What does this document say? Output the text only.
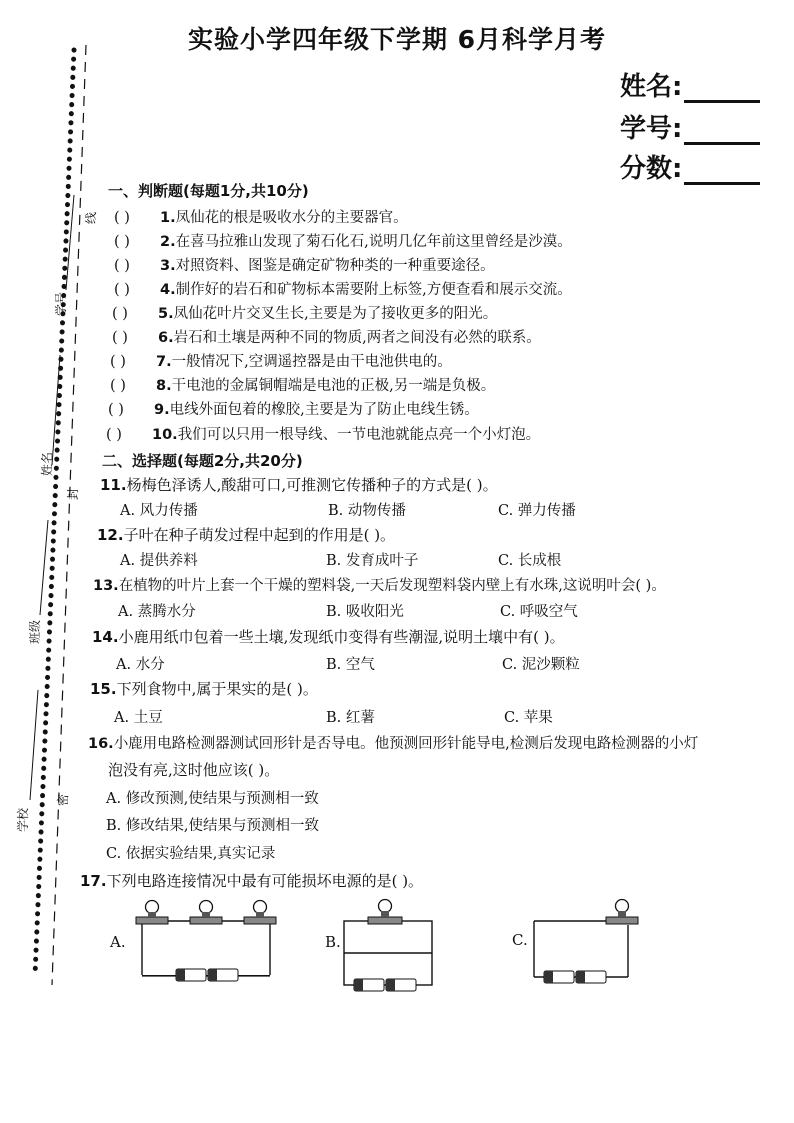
实验小学四年级下学期 6月科学月考
姓名:
学号:
分数:
学号
线
姓名
封
班级
密
学校
一、判断题(每题1分,共10分)
( ) 1.凤仙花的根是吸收水分的主要器官。
( ) 2.在喜马拉雅山发现了菊石化石,说明几亿年前这里曾经是沙漠。
( ) 3.对照资料、图鉴是确定矿物种类的一种重要途径。
( ) 4.制作好的岩石和矿物标本需要附上标签,方便查看和展示交流。
( ) 5.凤仙花叶片交叉生长,主要是为了接收更多的阳光。
( ) 6.岩石和土壤是两种不同的物质,两者之间没有必然的联系。
( ) 7.一般情况下,空调遥控器是由干电池供电的。
( ) 8.干电池的金属铜帽端是电池的正极,另一端是负极。
( ) 9.电线外面包着的橡胶,主要是为了防止电线生锈。
( ) 10.我们可以只用一根导线、一节电池就能点亮一个小灯泡。
二、选择题(每题2分,共20分)
11.杨梅色泽诱人,酸甜可口,可推测它传播种子的方式是( )。
A. 风力传播	B. 动物传播	C. 弹力传播
12.子叶在种子萌发过程中起到的作用是( )。
A. 提供养料	B. 发育成叶子	C. 长成根
13.在植物的叶片上套一个干燥的塑料袋,一天后发现塑料袋内壁上有水珠,这说明叶会( )。
A. 蒸腾水分	B. 吸收阳光	C. 呼吸空气
14.小鹿用纸巾包着一些土壤,发现纸巾变得有些潮湿,说明土壤中有( )。
A. 水分	B. 空气	C. 泥沙颗粒
15.下列食物中,属于果实的是( )。
A. 土豆	B. 红薯	C. 苹果
16.小鹿用电路检测器测试回形针是否导电。他预测回形针能导电,检测后发现电路检测器的小灯
泡没有亮,这时他应该( )。
A. 修改预测,使结果与预测相一致
B. 修改结果,使结果与预测相一致
C. 依据实验结果,真实记录
17.下列电路连接情况中最有可能损坏电源的是( )。
A.	B.	C.
